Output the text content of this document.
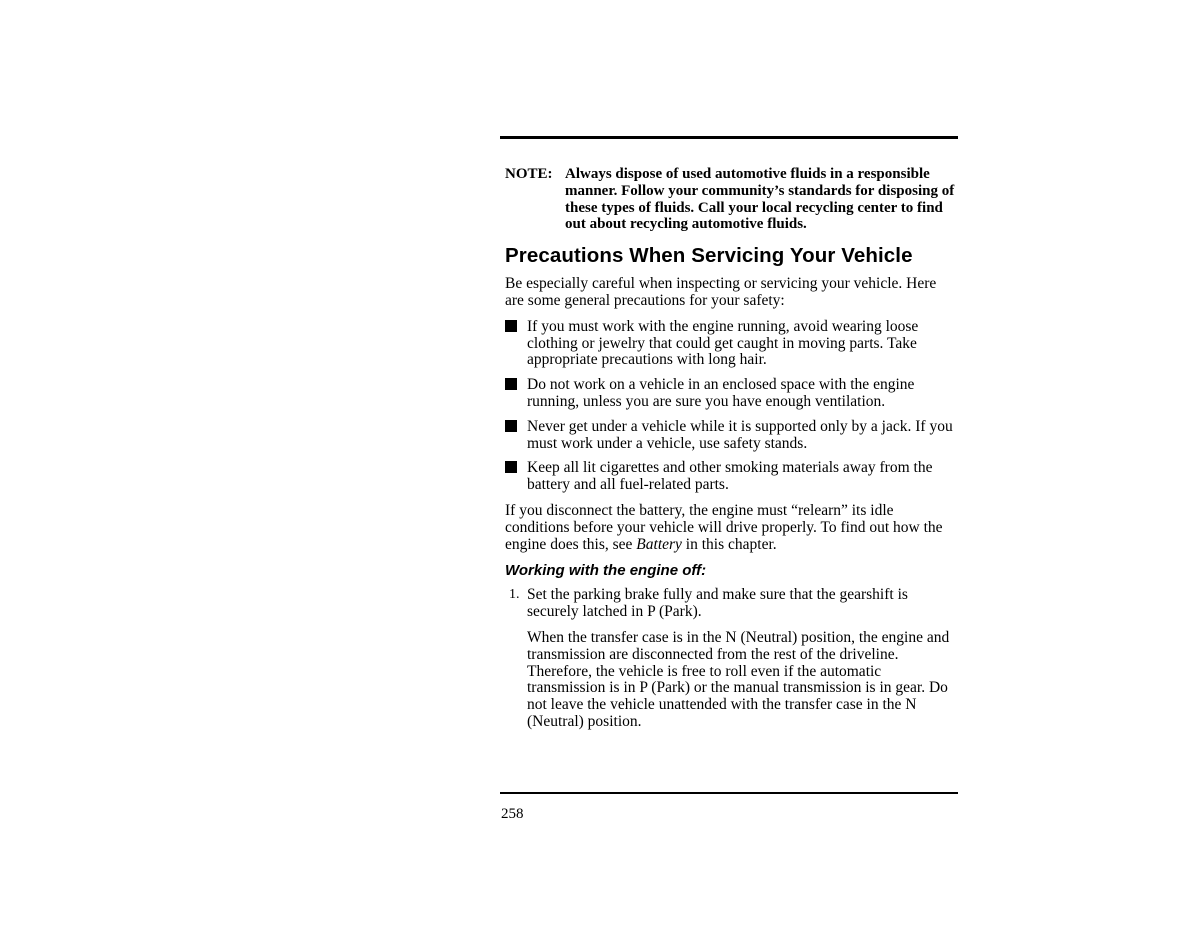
NOTE: Always dispose of used automotive fluids in a responsible manner. Follow your community’s standards for disposing of these types of fluids. Call your local recycling center to find out about recycling automotive fluids.
Precautions When Servicing Your Vehicle

Be especially careful when inspecting or servicing your vehicle. Here are some general precautions for your safety:

If you must work with the engine running, avoid wearing loose clothing or jewelry that could get caught in moving parts. Take appropriate precautions with long hair.
Do not work on a vehicle in an enclosed space with the engine running, unless you are sure you have enough ventilation.
Never get under a vehicle while it is supported only by a jack. If you must work under a vehicle, use safety stands.
Keep all lit cigarettes and other smoking materials away from the battery and all fuel-related parts.

If you disconnect the battery, the engine must “relearn” its idle conditions before your vehicle will drive properly. To find out how the engine does this, see Battery in this chapter.

Working with the engine off:
1. Set the parking brake fully and make sure that the gearshift is securely latched in P (Park).

When the transfer case is in the N (Neutral) position, the engine and transmission are disconnected from the rest of the driveline. Therefore, the vehicle is free to roll even if the automatic transmission is in P (Park) or the manual transmission is in gear. Do not leave the vehicle unattended with the transfer case in the N (Neutral) position.

258
